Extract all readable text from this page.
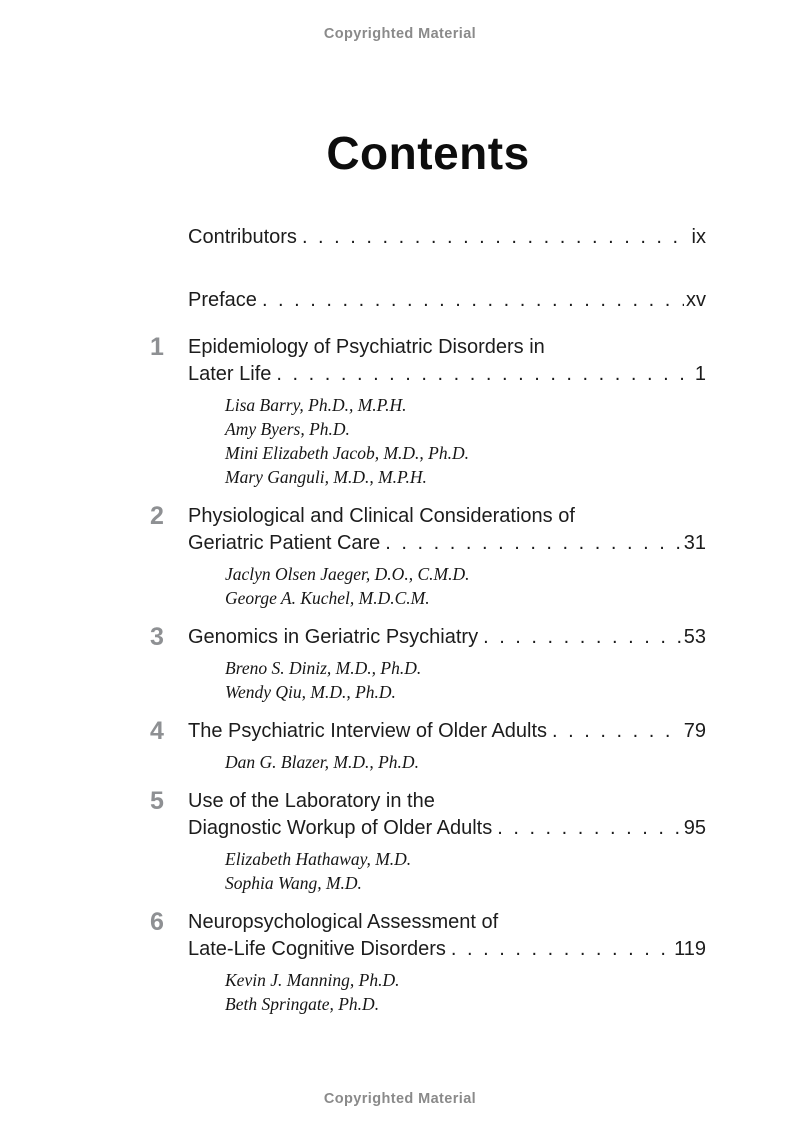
Copyrighted Material
Contents
Contributors . . .	ix
Preface . . .	xv
1	Epidemiology of Psychiatric Disorders in
Later Life . . .	1
Lisa Barry, Ph.D., M.P.H.
Amy Byers, Ph.D.
Mini Elizabeth Jacob, M.D., Ph.D.
Mary Ganguli, M.D., M.P.H.
2	Physiological and Clinical Considerations of
Geriatric Patient Care . . .	31
Jaclyn Olsen Jaeger, D.O., C.M.D.
George A. Kuchel, M.D.C.M.
3	Genomics in Geriatric Psychiatry . . .	53
Breno S. Diniz, M.D., Ph.D.
Wendy Qiu, M.D., Ph.D.
4	The Psychiatric Interview of Older Adults . . .	79
Dan G. Blazer, M.D., Ph.D.
5	Use of the Laboratory in the
Diagnostic Workup of Older Adults . . .	95
Elizabeth Hathaway, M.D.
Sophia Wang, M.D.
6	Neuropsychological Assessment of
Late-Life Cognitive Disorders . . .	119
Kevin J. Manning, Ph.D.
Beth Springate, Ph.D.
Copyrighted Material
